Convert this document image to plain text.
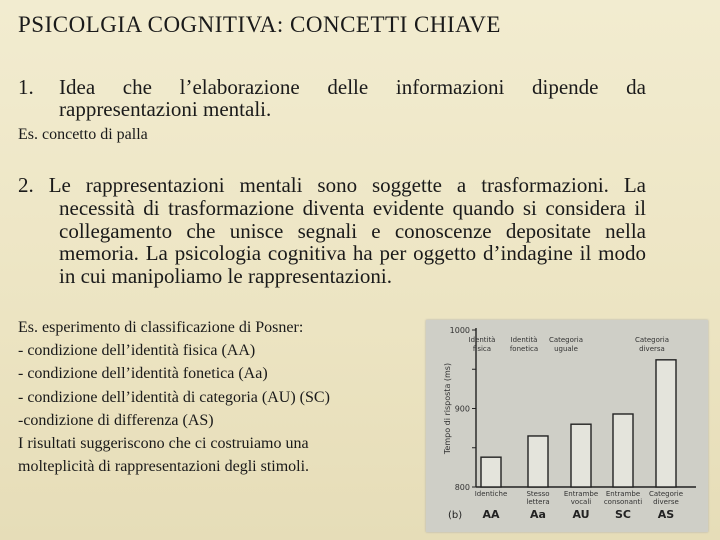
PSICOLGIA COGNITIVA: CONCETTI CHIAVE
1. Idea che l’elaborazione delle informazioni dipende da
rappresentazioni mentali.
Es. concetto di palla
2. Le rappresentazioni mentali sono soggette a trasformazioni. La
necessità di trasformazione diventa evidente quando si considera il collegamento che unisce segnali e conoscenze depositate nella memoria. La psicologia cognitiva ha per oggetto d’indagine il modo in cui manipoliamo le rappresentazioni.
Es. esperimento di classificazione di Posner:
- condizione dell’identità fisica (AA)
- condizione dell’identità fonetica (Aa)
- condizione dell’identità di categoria (AU) (SC)
-condizione di differenza (AS)
I risultati suggeriscono che ci costruiamo una
molteplicità di rappresentazioni degli stimoli.
1000
900
800
Tempo di risposta (ms)
Identità fisica
Identità fonetica
Categoria uguale
Categoria diversa
Identiche	Stesso lettera
Entrambe vocali
Entrambe consonanti
Categorie diverse
AA	Aa AU SC AS
(b)
